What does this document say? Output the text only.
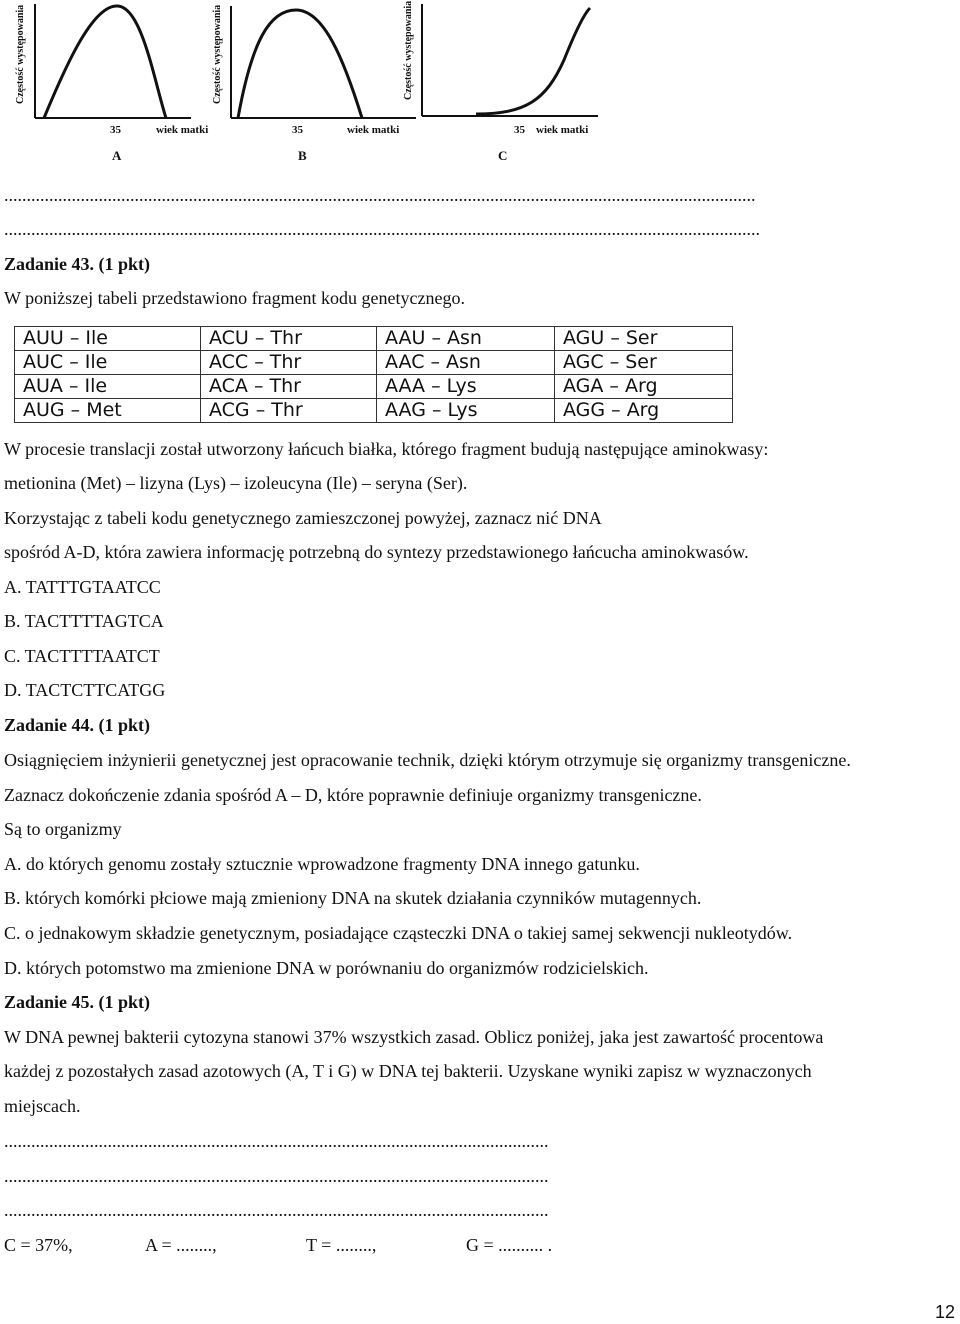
Częstość występowania
35	wiek matki
A
Częstość występowania
35	wiek matki
B
Częstość występowania
35 wiek matki
C
.......................................................................................................................................................................
........................................................................................................................................................................
Zadanie 43. (1 pkt)
W poniższej tabeli przedstawiono fragment kodu genetycznego.
AUU – Ile	ACU – Thr	AAU – Asn	AGU – Ser
AUC – Ile	ACC – Thr	AAC – Asn	AGC – Ser
AUA – Ile	ACA – Thr	AAA – Lys	AGA – Arg
AUG – Met	ACG – Thr	AAG – Lys	AGG – Arg
W procesie translacji został utworzony łańcuch białka, którego fragment budują następujące aminokwasy:
metionina (Met) – lizyna (Lys) – izoleucyna (Ile) – seryna (Ser).
Korzystając z tabeli kodu genetycznego zamieszczonej powyżej, zaznacz nić DNA
spośród A-D, która zawiera informację potrzebną do syntezy przedstawionego łańcucha aminokwasów.
A. TATTTGTAATCC
B. TACTTTTAGTCA
C. TACTTTTAATCT
D. TACTCTTCATGG
Zadanie 44. (1 pkt)
Osiągnięciem inżynierii genetycznej jest opracowanie technik, dzięki którym otrzymuje się organizmy transgeniczne.
Zaznacz dokończenie zdania spośród A – D, które poprawnie definiuje organizmy transgeniczne.
Są to organizmy
A. do których genomu zostały sztucznie wprowadzone fragmenty DNA innego gatunku.
B. których komórki płciowe mają zmieniony DNA na skutek działania czynników mutagennych.
C. o jednakowym składzie genetycznym, posiadające cząsteczki DNA o takiej samej sekwencji nukleotydów.
D. których potomstwo ma zmienione DNA w porównaniu do organizmów rodzicielskich.
Zadanie 45. (1 pkt)
W DNA pewnej bakterii cytozyna stanowi 37% wszystkich zasad. Oblicz poniżej, jaka jest zawartość procentowa
każdej z pozostałych zasad azotowych (A, T i G) w DNA tej bakterii. Uzyskane wyniki zapisz w wyznaczonych
miejscach.
.........................................................................................................................
.........................................................................................................................
.........................................................................................................................
C = 37%,	A = ........,	T = ........,	G = .......... .
12
